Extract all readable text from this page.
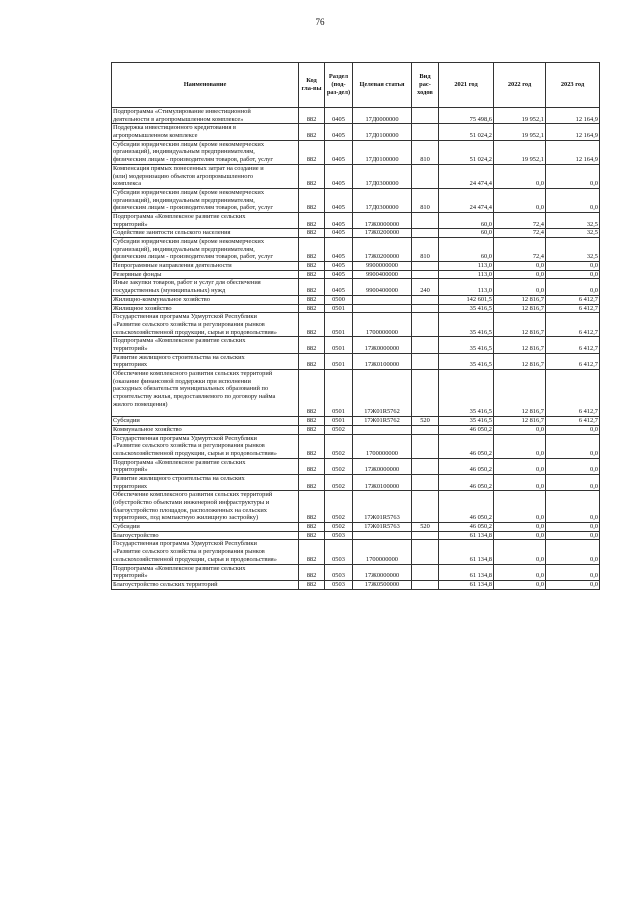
76
Наименование	Код гла-вы	Раздел (под-раз-дел)	Целевая статья	Вид рас-ходов	2021 год	2022 год	2023 год
Подпрограмма «Стимулирование инвестиционной
деятельности в агропромышленном комплексе»	882	0405	17Д0000000		75 498,6	19 952,1	12 164,9
Поддержка инвестиционного кредитования в
агропромышленном комплексе	882	0405	17Д0100000		51 024,2	19 952,1	12 164,9
Субсидии юридическим лицам (кроме некоммерческих
организаций), индивидуальным предпринимателям,
физическим лицам - производителям товаров, работ, услуг	882	0405	17Д0100000	810	51 024,2	19 952,1	12 164,9
Компенсация прямых понесенных затрат на создание и
(или) модернизацию объектов агропромышленного
комплекса	882	0405	17Д0300000		24 474,4	0,0	0,0
Субсидии юридическим лицам (кроме некоммерческих
организаций), индивидуальным предпринимателям,
физическим лицам - производителям товаров, работ, услуг	882	0405	17Д0300000	810	24 474,4	0,0	0,0
Подпрограмма «Комплексное развитие сельских
территорий»	882	0405	17Ж0000000		60,0	72,4	32,5
Содействие занятости сельского населения	882	0405	17Ж0200000		60,0	72,4	32,5
Субсидии юридическим лицам (кроме некоммерческих
организаций), индивидуальным предпринимателям,
физическим лицам - производителям товаров, работ, услуг	882	0405	17Ж0200000	810	60,0	72,4	32,5
Непрограммные направления деятельности	882	0405	9900000000		113,0	0,0	0,0
Резервные фонды	882	0405	9900400000		113,0	0,0	0,0
Иные закупки товаров, работ и услуг для обеспечения
государственных (муниципальных) нужд	882	0405	9900400000	240	113,0	0,0	0,0
Жилищно-коммунальное хозяйство	882	0500			142 601,5	12 816,7	6 412,7
Жилищное хозяйство	882	0501			35 416,5	12 816,7	6 412,7
Государственная программа Удмуртской Республики
«Развитие сельского хозяйства и регулирования рынков
сельскохозяйственной продукции, сырья и продовольствия»	882	0501	1700000000		35 416,5	12 816,7	6 412,7
Подпрограмма «Комплексное развитие сельских
территорий»	882	0501	17Ж0000000		35 416,5	12 816,7	6 412,7
Развитие жилищного строительства на сельских
территориях	882	0501	17Ж0100000		35 416,5	12 816,7	6 412,7
Обеспечение комплексного развития сельских территорий
(оказание финансовой поддержки при исполнении
расходных обязательств муниципальных образований по
строительству жилья, предоставляемого по договору найма
жилого помещения)	882	0501	17Ж01R5762		35 416,5	12 816,7	6 412,7
Субсидии	882	0501	17Ж01R5762	520	35 416,5	12 816,7	6 412,7
Коммунальное хозяйство	882	0502			46 050,2	0,0	0,0
Государственная программа Удмуртской Республики
«Развитие сельского хозяйства и регулирования рынков
сельскохозяйственной продукции, сырья и продовольствия»	882	0502	1700000000		46 050,2	0,0	0,0
Подпрограмма «Комплексное развитие сельских
территорий»	882	0502	17Ж0000000		46 050,2	0,0	0,0
Развитие жилищного строительства на сельских
территориях	882	0502	17Ж0100000		46 050,2	0,0	0,0
Обеспечение комплексного развития сельских территорий
(обустройство объектами инженерной инфраструктуры и
благоустройство площадок, расположенных на сельских
территориях, под компактную жилищную застройку)	882	0502	17Ж01R5763		46 050,2	0,0	0,0
Субсидии	882	0502	17Ж01R5763	520	46 050,2	0,0	0,0
Благоустройство	882	0503			61 134,8	0,0	0,0
Государственная программа Удмуртской Республики
«Развитие сельского хозяйства и регулирования рынков
сельскохозяйственной продукции, сырья и продовольствия»	882	0503	1700000000		61 134,8	0,0	0,0
Подпрограмма «Комплексное развитие сельских
территорий»	882	0503	17Ж0000000		61 134,8	0,0	0,0
Благоустройство сельских территорий	882	0503	17Ж0500000		61 134,8	0,0	0,0
